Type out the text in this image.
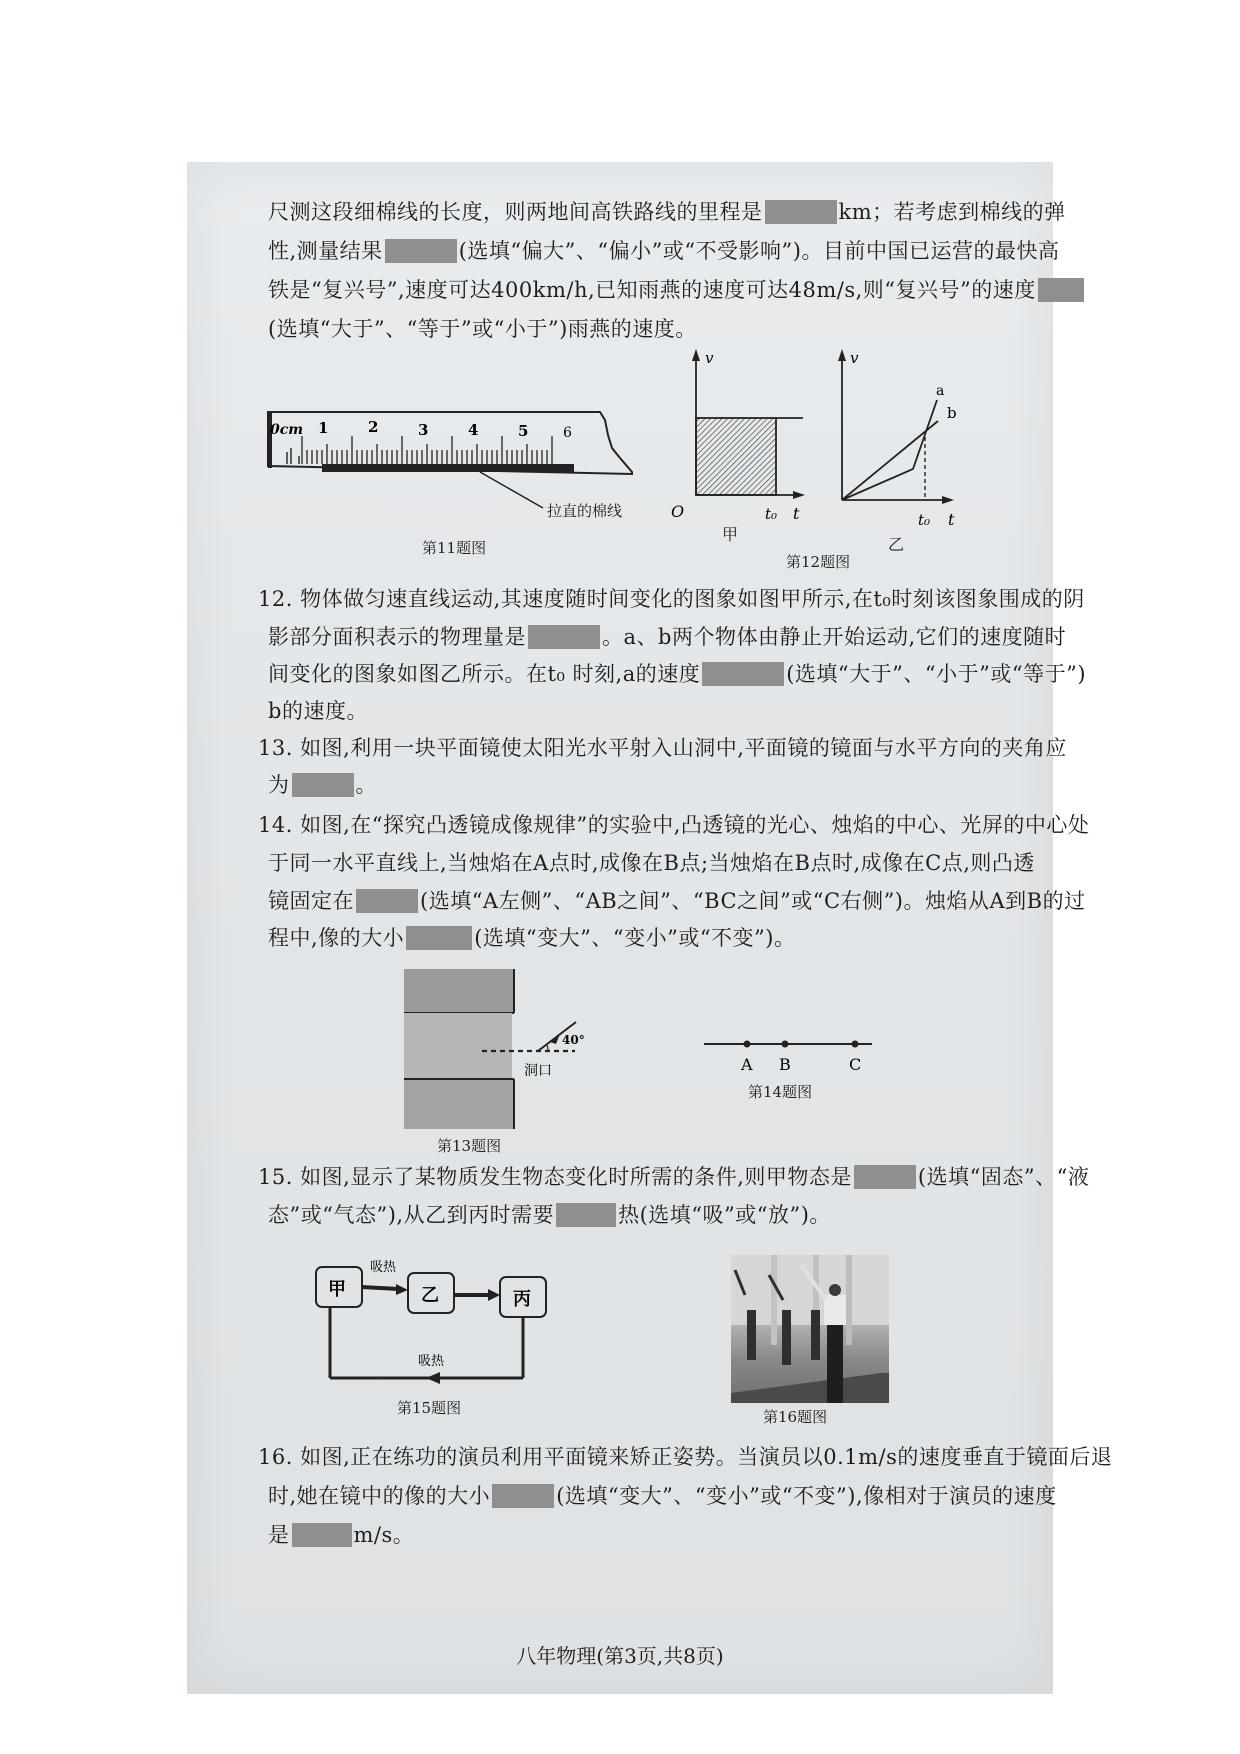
尺测这段细棉线的长度，则两地间高铁路线的里程是	km；若考虑到棉线的弹
性,测量结果	(选填“偏大”、“偏小”或“不受影响”)。目前中国已运营的最快高
铁是“复兴号”,速度可达400km/h,已知雨燕的速度可达48m/s,则“复兴号”的速度
(选填“大于”、“等于”或“小于”)雨燕的速度。
0cm 1	2	3	4	5 6
拉直的棉线
第11题图
v
O	t₀ t
甲
v
a
b
t₀ t
乙
第12题图
12. 物体做匀速直线运动,其速度随时间变化的图象如图甲所示,在t₀时刻该图象围成的阴
影部分面积表示的物理量是	。a、b两个物体由静止开始运动,它们的速度随时
间变化的图象如图乙所示。在t₀ 时刻,a的速度	(选填“大于”、“小于”或“等于”)
b的速度。
13. 如图,利用一块平面镜使太阳光水平射入山洞中,平面镜的镜面与水平方向的夹角应
为	。
14. 如图,在“探究凸透镜成像规律”的实验中,凸透镜的光心、烛焰的中心、光屏的中心处
于同一水平直线上,当烛焰在A点时,成像在B点;当烛焰在B点时,成像在C点,则凸透
镜固定在	(选填“A左侧”、“AB之间”、“BC之间”或“C右侧”)。烛焰从A到B的过
程中,像的大小	(选填“变大”、“变小”或“不变”)。
40°
洞口
第13题图
A B	C
第14题图
15. 如图,显示了某物质发生物态变化时所需的条件,则甲物态是	(选填“固态”、“液
态”或“气态”),从乙到丙时需要	热(选填“吸”或“放”)。
甲	乙	丙
吸热
吸热
第15题图	第16题图
16. 如图,正在练功的演员利用平面镜来矫正姿势。当演员以0.1m/s的速度垂直于镜面后退
时,她在镜中的像的大小	(选填“变大”、“变小”或“不变”),像相对于演员的速度
是	m/s。
八年物理(第3页,共8页)
